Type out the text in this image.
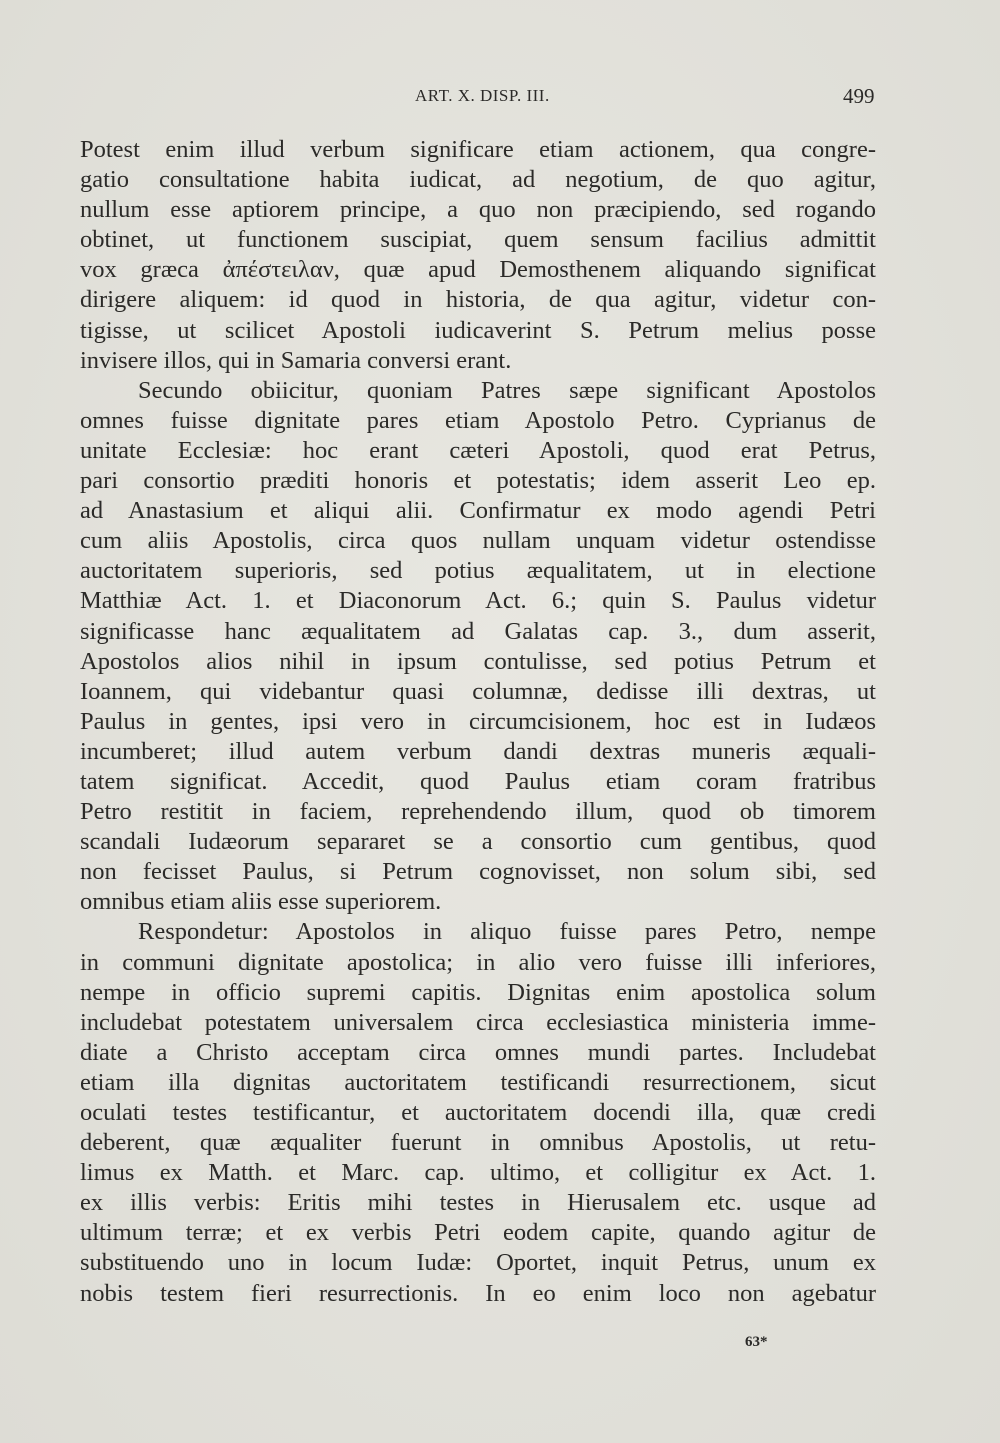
ART. X. DISP. III.	499
Potest enim illud verbum significare etiam actionem, qua congre-
gatio consultatione habita iudicat, ad negotium, de quo agitur,
nullum esse aptiorem principe, a quo non præcipiendo, sed rogando
obtinet, ut functionem suscipiat, quem sensum facilius admittit
vox græca ἀπέστειλαν, quæ apud Demosthenem aliquando significat
dirigere aliquem: id quod in historia, de qua agitur, videtur con-
tigisse, ut scilicet Apostoli iudicaverint S. Petrum melius posse
invisere illos, qui in Samaria conversi erant.
Secundo obiicitur, quoniam Patres sæpe significant Apostolos
omnes fuisse dignitate pares etiam Apostolo Petro. Cyprianus de
unitate Ecclesiæ: hoc erant cæteri Apostoli, quod erat Petrus,
pari consortio præditi honoris et potestatis; idem asserit Leo ep.
ad Anastasium et aliqui alii. Confirmatur ex modo agendi Petri
cum aliis Apostolis, circa quos nullam unquam videtur ostendisse
auctoritatem superioris, sed potius æqualitatem, ut in electione
Matthiæ Act. 1. et Diaconorum Act. 6.; quin S. Paulus videtur
significasse hanc æqualitatem ad Galatas cap. 3., dum asserit,
Apostolos alios nihil in ipsum contulisse, sed potius Petrum et
Ioannem, qui videbantur quasi columnæ, dedisse illi dextras, ut
Paulus in gentes, ipsi vero in circumcisionem, hoc est in Iudæos
incumberet; illud autem verbum dandi dextras muneris æquali-
tatem significat. Accedit, quod Paulus etiam coram fratribus
Petro restitit in faciem, reprehendendo illum, quod ob timorem
scandali Iudæorum separaret se a consortio cum gentibus, quod
non fecisset Paulus, si Petrum cognovisset, non solum sibi, sed
omnibus etiam aliis esse superiorem.
Respondetur: Apostolos in aliquo fuisse pares Petro, nempe
in communi dignitate apostolica; in alio vero fuisse illi inferiores,
nempe in officio supremi capitis. Dignitas enim apostolica solum
includebat potestatem universalem circa ecclesiastica ministeria imme-
diate a Christo acceptam circa omnes mundi partes. Includebat
etiam illa dignitas auctoritatem testificandi resurrectionem, sicut
oculati testes testificantur, et auctoritatem docendi illa, quæ credi
deberent, quæ æqualiter fuerunt in omnibus Apostolis, ut retu-
limus ex Matth. et Marc. cap. ultimo, et colligitur ex Act. 1.
ex illis verbis: Eritis mihi testes in Hierusalem etc. usque ad
ultimum terræ; et ex verbis Petri eodem capite, quando agitur de
substituendo uno in locum Iudæ: Oportet, inquit Petrus, unum ex
nobis testem fieri resurrectionis. In eo enim loco non agebatur
63*
